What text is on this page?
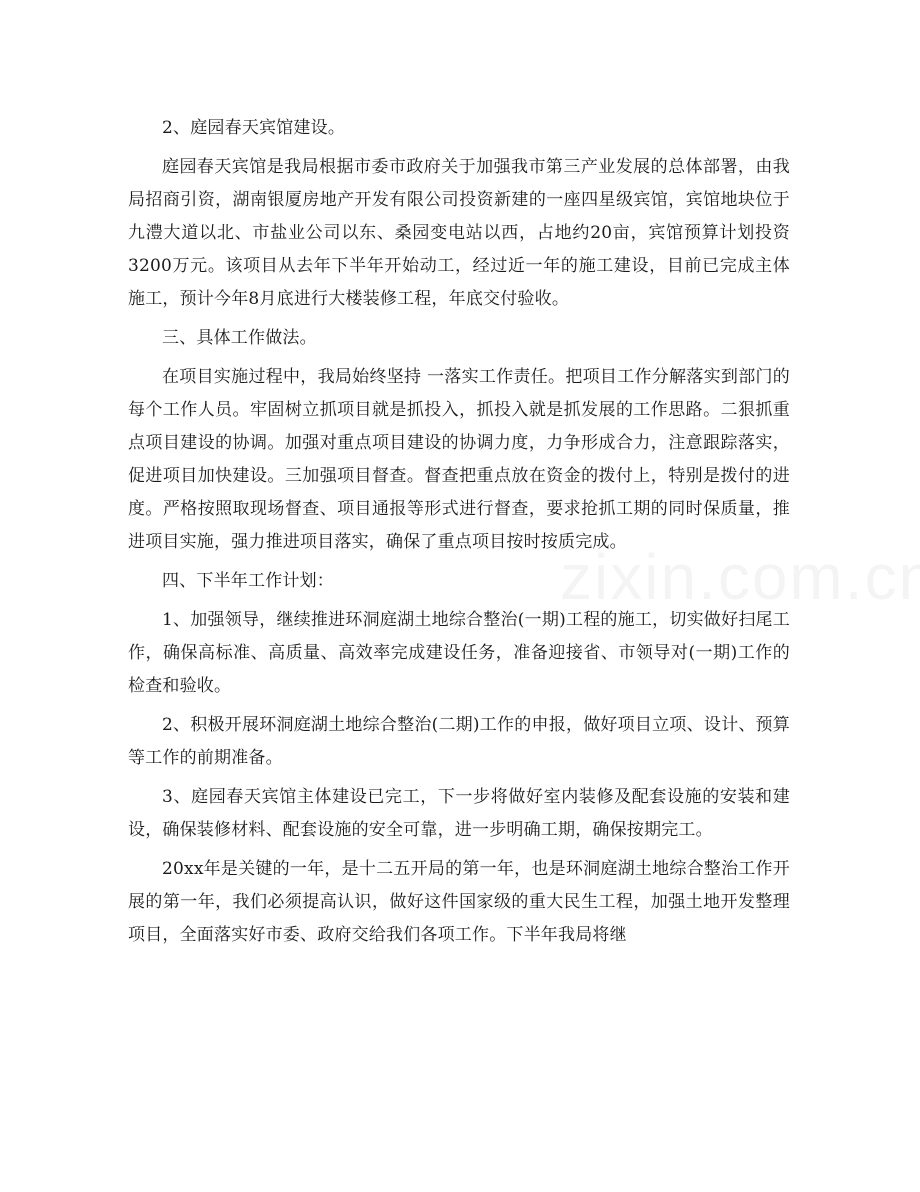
2、庭园春天宾馆建设。

庭园春天宾馆是我局根据市委市政府关于加强我市第三产业发展的总体部署，由我局招商引资，湖南银厦房地产开发有限公司投资新建的一座四星级宾馆，宾馆地块位于九澧大道以北、市盐业公司以东、桑园变电站以西，占地约20亩，宾馆预算计划投资3200万元。该项目从去年下半年开始动工，经过近一年的施工建设，目前已完成主体施工，预计今年8月底进行大楼装修工程，年底交付验收。

三、具体工作做法。

在项目实施过程中，我局始终坚持 一落实工作责任。把项目工作分解落实到部门的每个工作人员。牢固树立抓项目就是抓投入，抓投入就是抓发展的工作思路。二狠抓重点项目建设的协调。加强对重点项目建设的协调力度，力争形成合力，注意跟踪落实，促进项目加快建设。三加强项目督查。督查把重点放在资金的拨付上，特别是拨付的进度。严格按照取现场督查、项目通报等形式进行督查，要求抢抓工期的同时保质量，推进项目实施，强力推进项目落实，确保了重点项目按时按质完成。

四、下半年工作计划：

1、加强领导，继续推进环洞庭湖土地综合整治(一期)工程的施工，切实做好扫尾工作，确保高标准、高质量、高效率完成建设任务，准备迎接省、市领导对(一期)工作的检查和验收。

2、积极开展环洞庭湖土地综合整治(二期)工作的申报，做好项目立项、设计、预算等工作的前期准备。

3、庭园春天宾馆主体建设已完工，下一步将做好室内装修及配套设施的安装和建设，确保装修材料、配套设施的安全可靠，进一步明确工期，确保按期完工。

20xx年是关键的一年，是十二五开局的第一年，也是环洞庭湖土地综合整治工作开展的第一年，我们必须提高认识，做好这件国家级的重大民生工程，加强土地开发整理项目，全面落实好市委、政府交给我们各项工作。下半年我局将继
